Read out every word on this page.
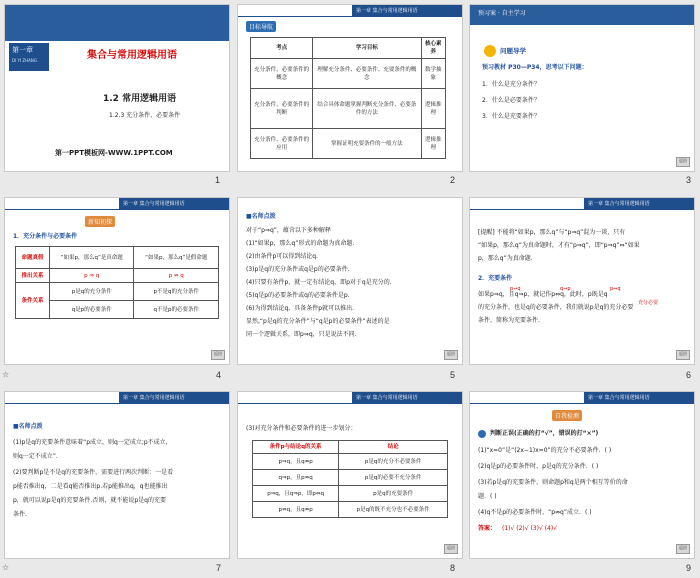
第一章
DI YI ZHANG	集合与常用逻辑用语
1.2 常用逻辑用语
1.2.3 充分条件、必要条件
第一PPT模板网-WWW.1PPT.COM
1
第一章 集合与常用逻辑用语
目标导航
考点	学习目标	核心素养
充分条件、必要条件的概念	理解充分条件、必要条件、充要条件的概念	数学抽象
充分条件、必要条件的判断	结合具体命题掌握判断充分条件、必要条件的方法	逻辑推理
充分条件、必要条件的应用	掌握证明充要条件的一般方法	逻辑推理
2
预习案 · 自主学习
问题导学
预习教材 P30—P34，思考以下问题：
1．什么是充分条件？
2．什么是必要条件？
3．什么是充要条件？
返回
3
第一章 集合与常用逻辑用语
新知初探
1．充分条件与必要条件
命题真假	“如果p，那么q”是真命题	“如果p，那么q”是假命题
推出关系	p ⇒ q	p ⇏ q
条件关系	p是q的充分条件	p不是q的充分条件
	q是p的必要条件	q不是p的必要条件
返回
☆	4
■名师点拨
对于“p⇒q”，蕴含以下多种解释
(1)“如果p，那么q”形式的命题为真命题.
(2)由条件p可以得到结论q.
(3)p是q的充分条件或q是p的必要条件.
(4)只要有条件p，就一定有结论q，即p对于q是充分的.
(5)q是p的必要条件或q的必要条件是p.
(6)为得到结论q，具备条件p就可以推出.
显然,“p是q的充分条件”与“q是p的必要条件”表述的是
同一个逻辑关系，即p⇒q，只是说法不同.
返回
5
第一章 集合与常用逻辑用语
[提醒] 不能将“如果p，那么q”与“p⇒q”混为一谈，只有
“如果p，那么q”为真命题时，才有“p⇒q”，即“p⇒q”⇔“如果
p，那么q”为真命题.
2．充要条件
如果p⇒q，且q⇒p，就记作p⇔q，此时，p既是q
的充分条件，也是q的必要条件，我们就说p是q的充分必要
条件，简称为充要条件.
p⇒q	q⇒p	p⇔q
充分必要
返回
6
第一章 集合与常用逻辑用语
■名师点拨
(1)p是q的充要条件意味着“p成立，则q一定成立;p不成立，
则q一定不成立”.
(2)要判断p是不是q的充要条件，需要进行两次判断：一是看
p能否推出q，二是看q能否推出p.若p能推出q，q也能推出
p，就可以说p是q的充要条件.否则，就不能说p是q的充要
条件.
☆	7
第一章 集合与常用逻辑用语
(3)对充分条件和必要条件的进一步划分：
条件p与结论q的关系	结论
p⇒q，且q⇏p	p是q的充分不必要条件
q⇒p，且p⇏q	p是q的必要不充分条件
p⇒q，且q⇒p，即p⇔q	p是q的充要条件
p⇏q，且q⇏p	p是q的既不充分也不必要条件
返回
8
第一章 集合与常用逻辑用语
自我检测
判断正误(正确的打“√”，错误的打“×”)
(1)“x=0”是“(2x−1)x=0”的充分不必要条件．( )
(2)q是p的必要条件时，p是q的充分条件．( )
(3)若p是q的充要条件，则命题p和q是两个相互等价的命
题．( )
(4)q不是p的必要条件时，“p⇏q”成立．( )
答案： (1)√ (2)√ (3)√ (4)√
返回
9
